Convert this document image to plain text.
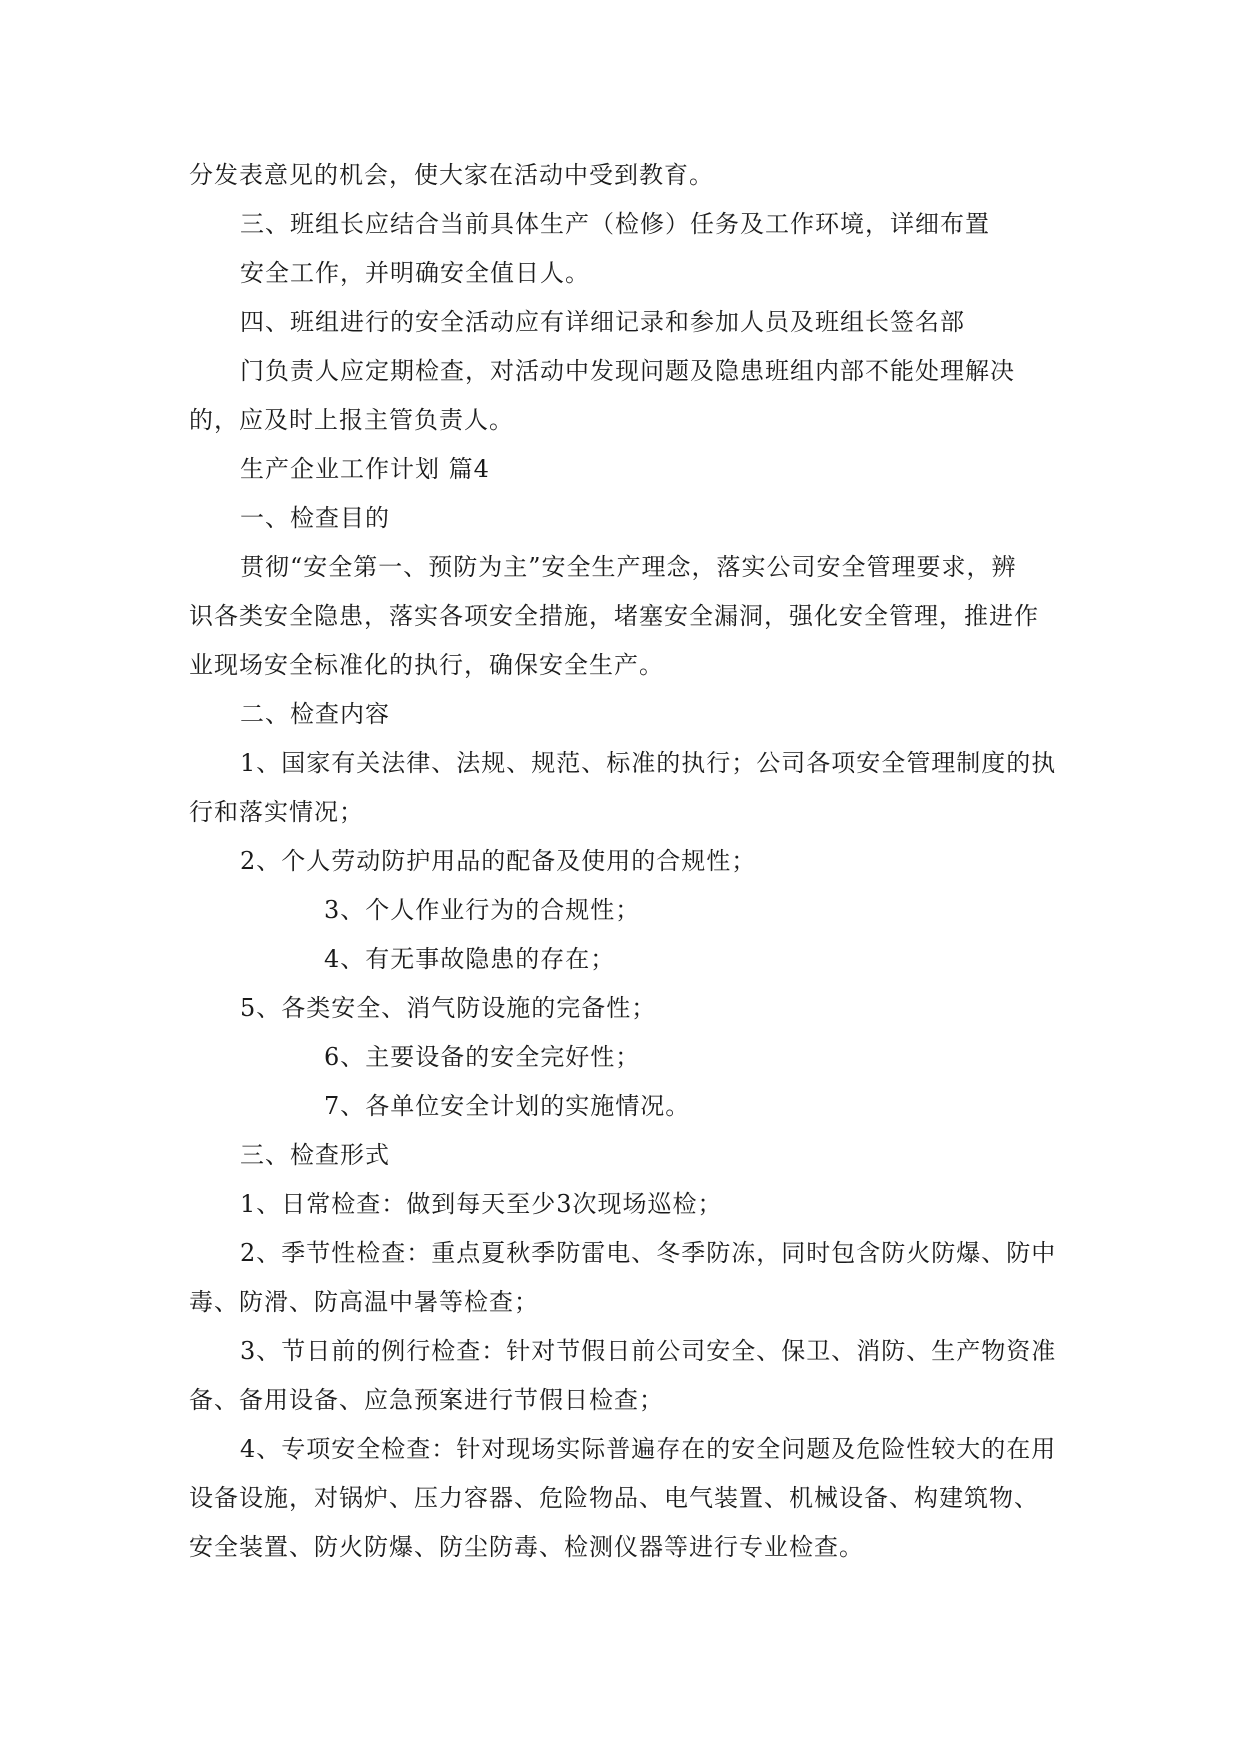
分发表意见的机会，使大家在活动中受到教育。
三、班组长应结合当前具体生产（检修）任务及工作环境，详细布置
安全工作，并明确安全值日人。
四、班组进行的安全活动应有详细记录和参加人员及班组长签名部
门负责人应定期检查，对活动中发现问题及隐患班组内部不能处理解决
的，应及时上报主管负责人。
生产企业工作计划 篇4
一、检查目的
贯彻“安全第一、预防为主”安全生产理念，落实公司安全管理要求，辨
识各类安全隐患，落实各项安全措施，堵塞安全漏洞，强化安全管理，推进作
业现场安全标准化的执行，确保安全生产。
二、检查内容
1、国家有关法律、法规、规范、标准的执行；公司各项安全管理制度的执
行和落实情况；
2、个人劳动防护用品的配备及使用的合规性；
3、个人作业行为的合规性；
4、有无事故隐患的存在；
5、各类安全、消气防设施的完备性；
6、主要设备的安全完好性；
7、各单位安全计划的实施情况。
三、检查形式
1、日常检查：做到每天至少3次现场巡检；
2、季节性检查：重点夏秋季防雷电、冬季防冻，同时包含防火防爆、防中
毒、防滑、防高温中暑等检查；
3、节日前的例行检查：针对节假日前公司安全、保卫、消防、生产物资准
备、备用设备、应急预案进行节假日检查；
4、专项安全检查：针对现场实际普遍存在的安全问题及危险性较大的在用
设备设施，对锅炉、压力容器、危险物品、电气装置、机械设备、构建筑物、
安全装置、防火防爆、防尘防毒、检测仪器等进行专业检查。
